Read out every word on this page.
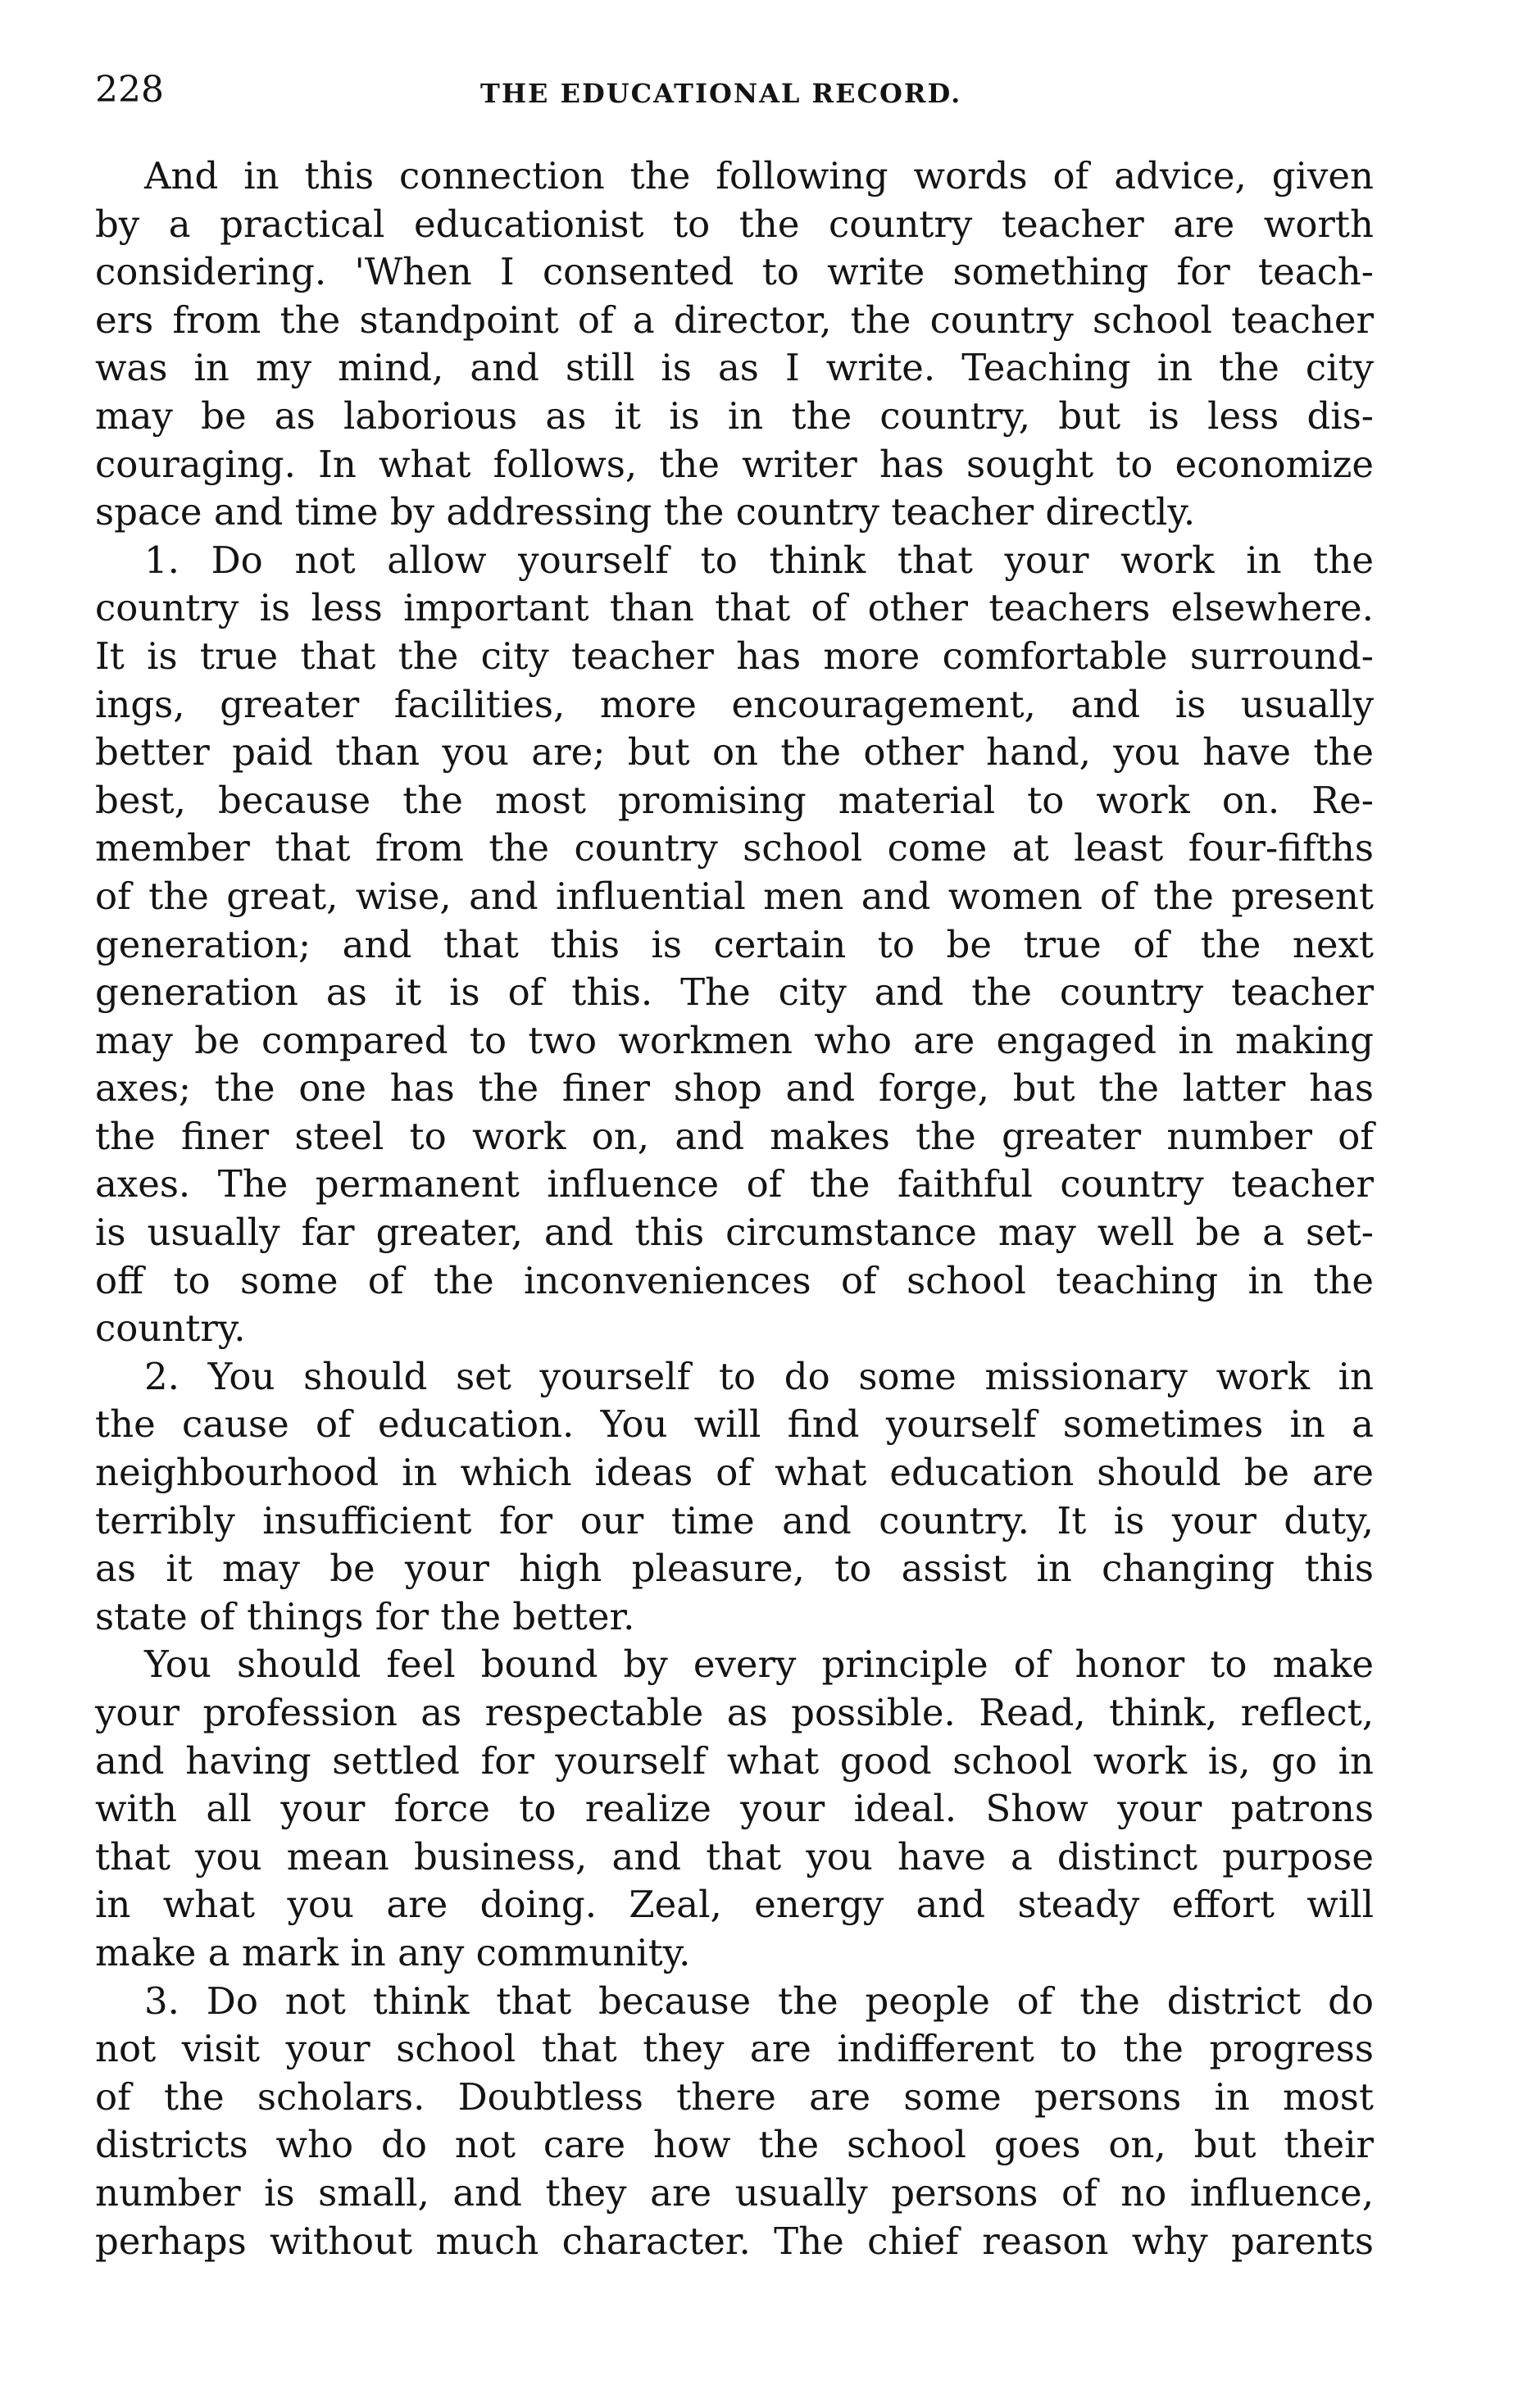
228	THE EDUCATIONAL RECORD.

And in this connection the following words of advice, given
by a practical educationist to the country teacher are worth
considering. 'When I consented to write something for teach-
ers from the standpoint of a director, the country school teacher
was in my mind, and still is as I write. Teaching in the city
may be as laborious as it is in the country, but is less dis-
couraging. In what follows, the writer has sought to economize
space and time by addressing the country teacher directly.

1. Do not allow yourself to think that your work in the
country is less important than that of other teachers elsewhere.
It is true that the city teacher has more comfortable surround-
ings, greater facilities, more encouragement, and is usually
better paid than you are; but on the other hand, you have the
best, because the most promising material to work on. Re-
member that from the country school come at least four-fifths
of the great, wise, and influential men and women of the present
generation; and that this is certain to be true of the next
generation as it is of this. The city and the country teacher
may be compared to two workmen who are engaged in making
axes; the one has the finer shop and forge, but the latter has
the finer steel to work on, and makes the greater number of
axes. The permanent influence of the faithful country teacher
is usually far greater, and this circumstance may well be a set-
off to some of the inconveniences of school teaching in the
country.

2. You should set yourself to do some missionary work in
the cause of education. You will find yourself sometimes in a
neighbourhood in which ideas of what education should be are
terribly insufficient for our time and country. It is your duty,
as it may be your high pleasure, to assist in changing this
state of things for the better.

You should feel bound by every principle of honor to make
your profession as respectable as possible. Read, think, reflect,
and having settled for yourself what good school work is, go in
with all your force to realize your ideal. Show your patrons
that you mean business, and that you have a distinct purpose
in what you are doing. Zeal, energy and steady effort will
make a mark in any community.

3. Do not think that because the people of the district do
not visit your school that they are indifferent to the progress
of the scholars. Doubtless there are some persons in most
districts who do not care how the school goes on, but their
number is small, and they are usually persons of no influence,
perhaps without much character. The chief reason why parents
